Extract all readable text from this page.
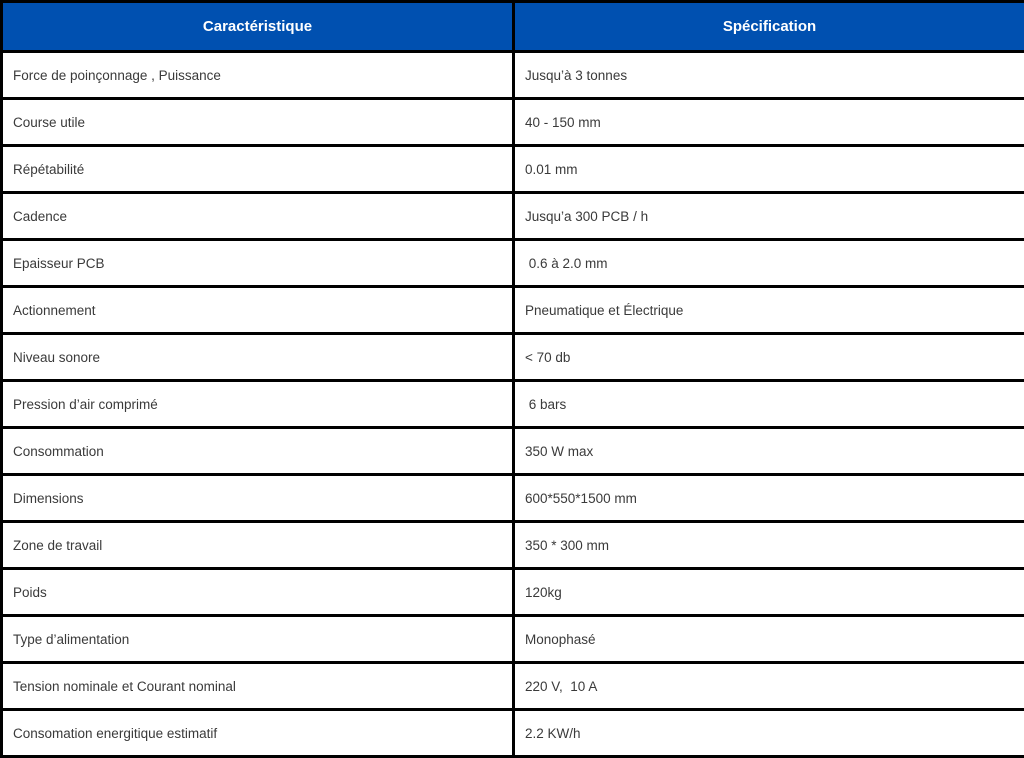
Caractéristique	Spécification
Force de poinçonnage , Puissance	Jusqu’à 3 tonnes
Course utile	40 - 150 mm
Répétabilité	0.01 mm
Cadence	Jusqu’a 300 PCB / h
Epaisseur PCB	0.6 à 2.0 mm
Actionnement	Pneumatique et Électrique
Niveau sonore	< 70 db
Pression d’air comprimé	6 bars
Consommation	350 W max
Dimensions	600*550*1500 mm
Zone de travail	350 * 300 mm
Poids	120kg
Type d’alimentation	Monophasé
Tension nominale et Courant nominal	220 V,  10 A
Consomation energitique estimatif	2.2 KW/h
